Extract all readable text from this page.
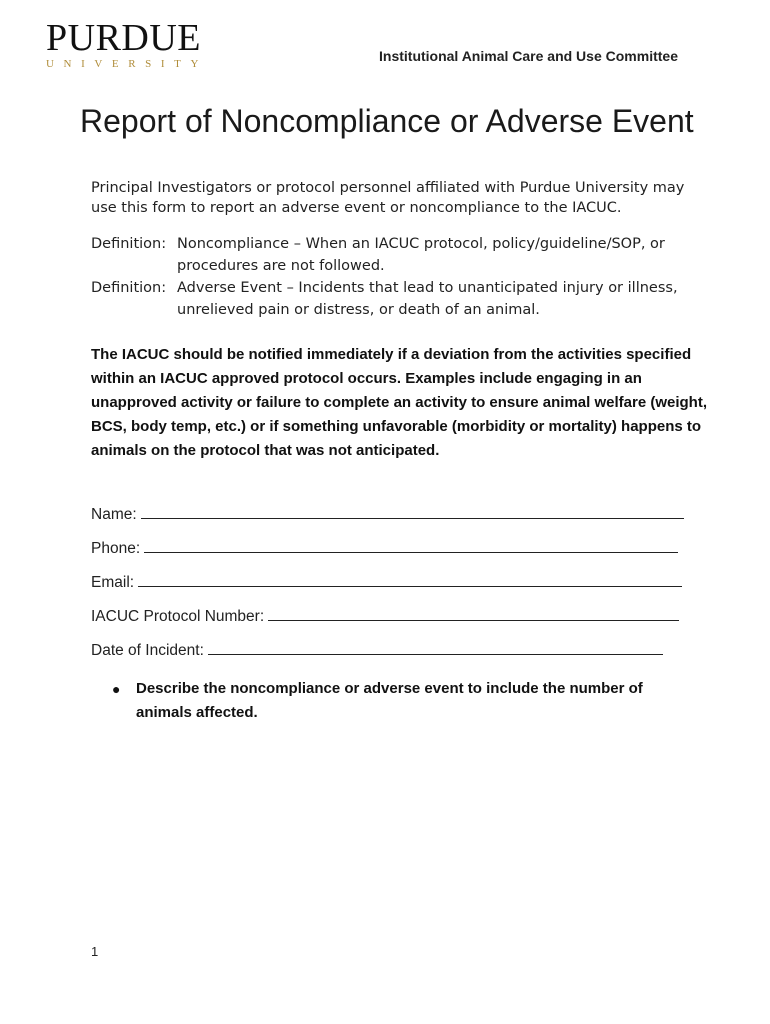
PURDUE
UNIVERSITY	Institutional Animal Care and Use Committee
Report of Noncompliance or Adverse Event
Principal Investigators or protocol personnel affiliated with Purdue University may use this form to report an adverse event or noncompliance to the IACUC.
Definition: Noncompliance – When an IACUC protocol, policy/guideline/SOP, or procedures are not followed.
Definition: Adverse Event – Incidents that lead to unanticipated injury or illness, unrelieved pain or distress, or death of an animal.
The IACUC should be notified immediately if a deviation from the activities specified within an IACUC approved protocol occurs. Examples include engaging in an unapproved activity or failure to complete an activity to ensure animal welfare (weight, BCS, body temp, etc.) or if something unfavorable (morbidity or mortality) happens to animals on the protocol that was not anticipated.
Name:
Phone:
Email:
IACUC Protocol Number:
Date of Incident:
●	Describe the noncompliance or adverse event to include the number of animals affected.
1
